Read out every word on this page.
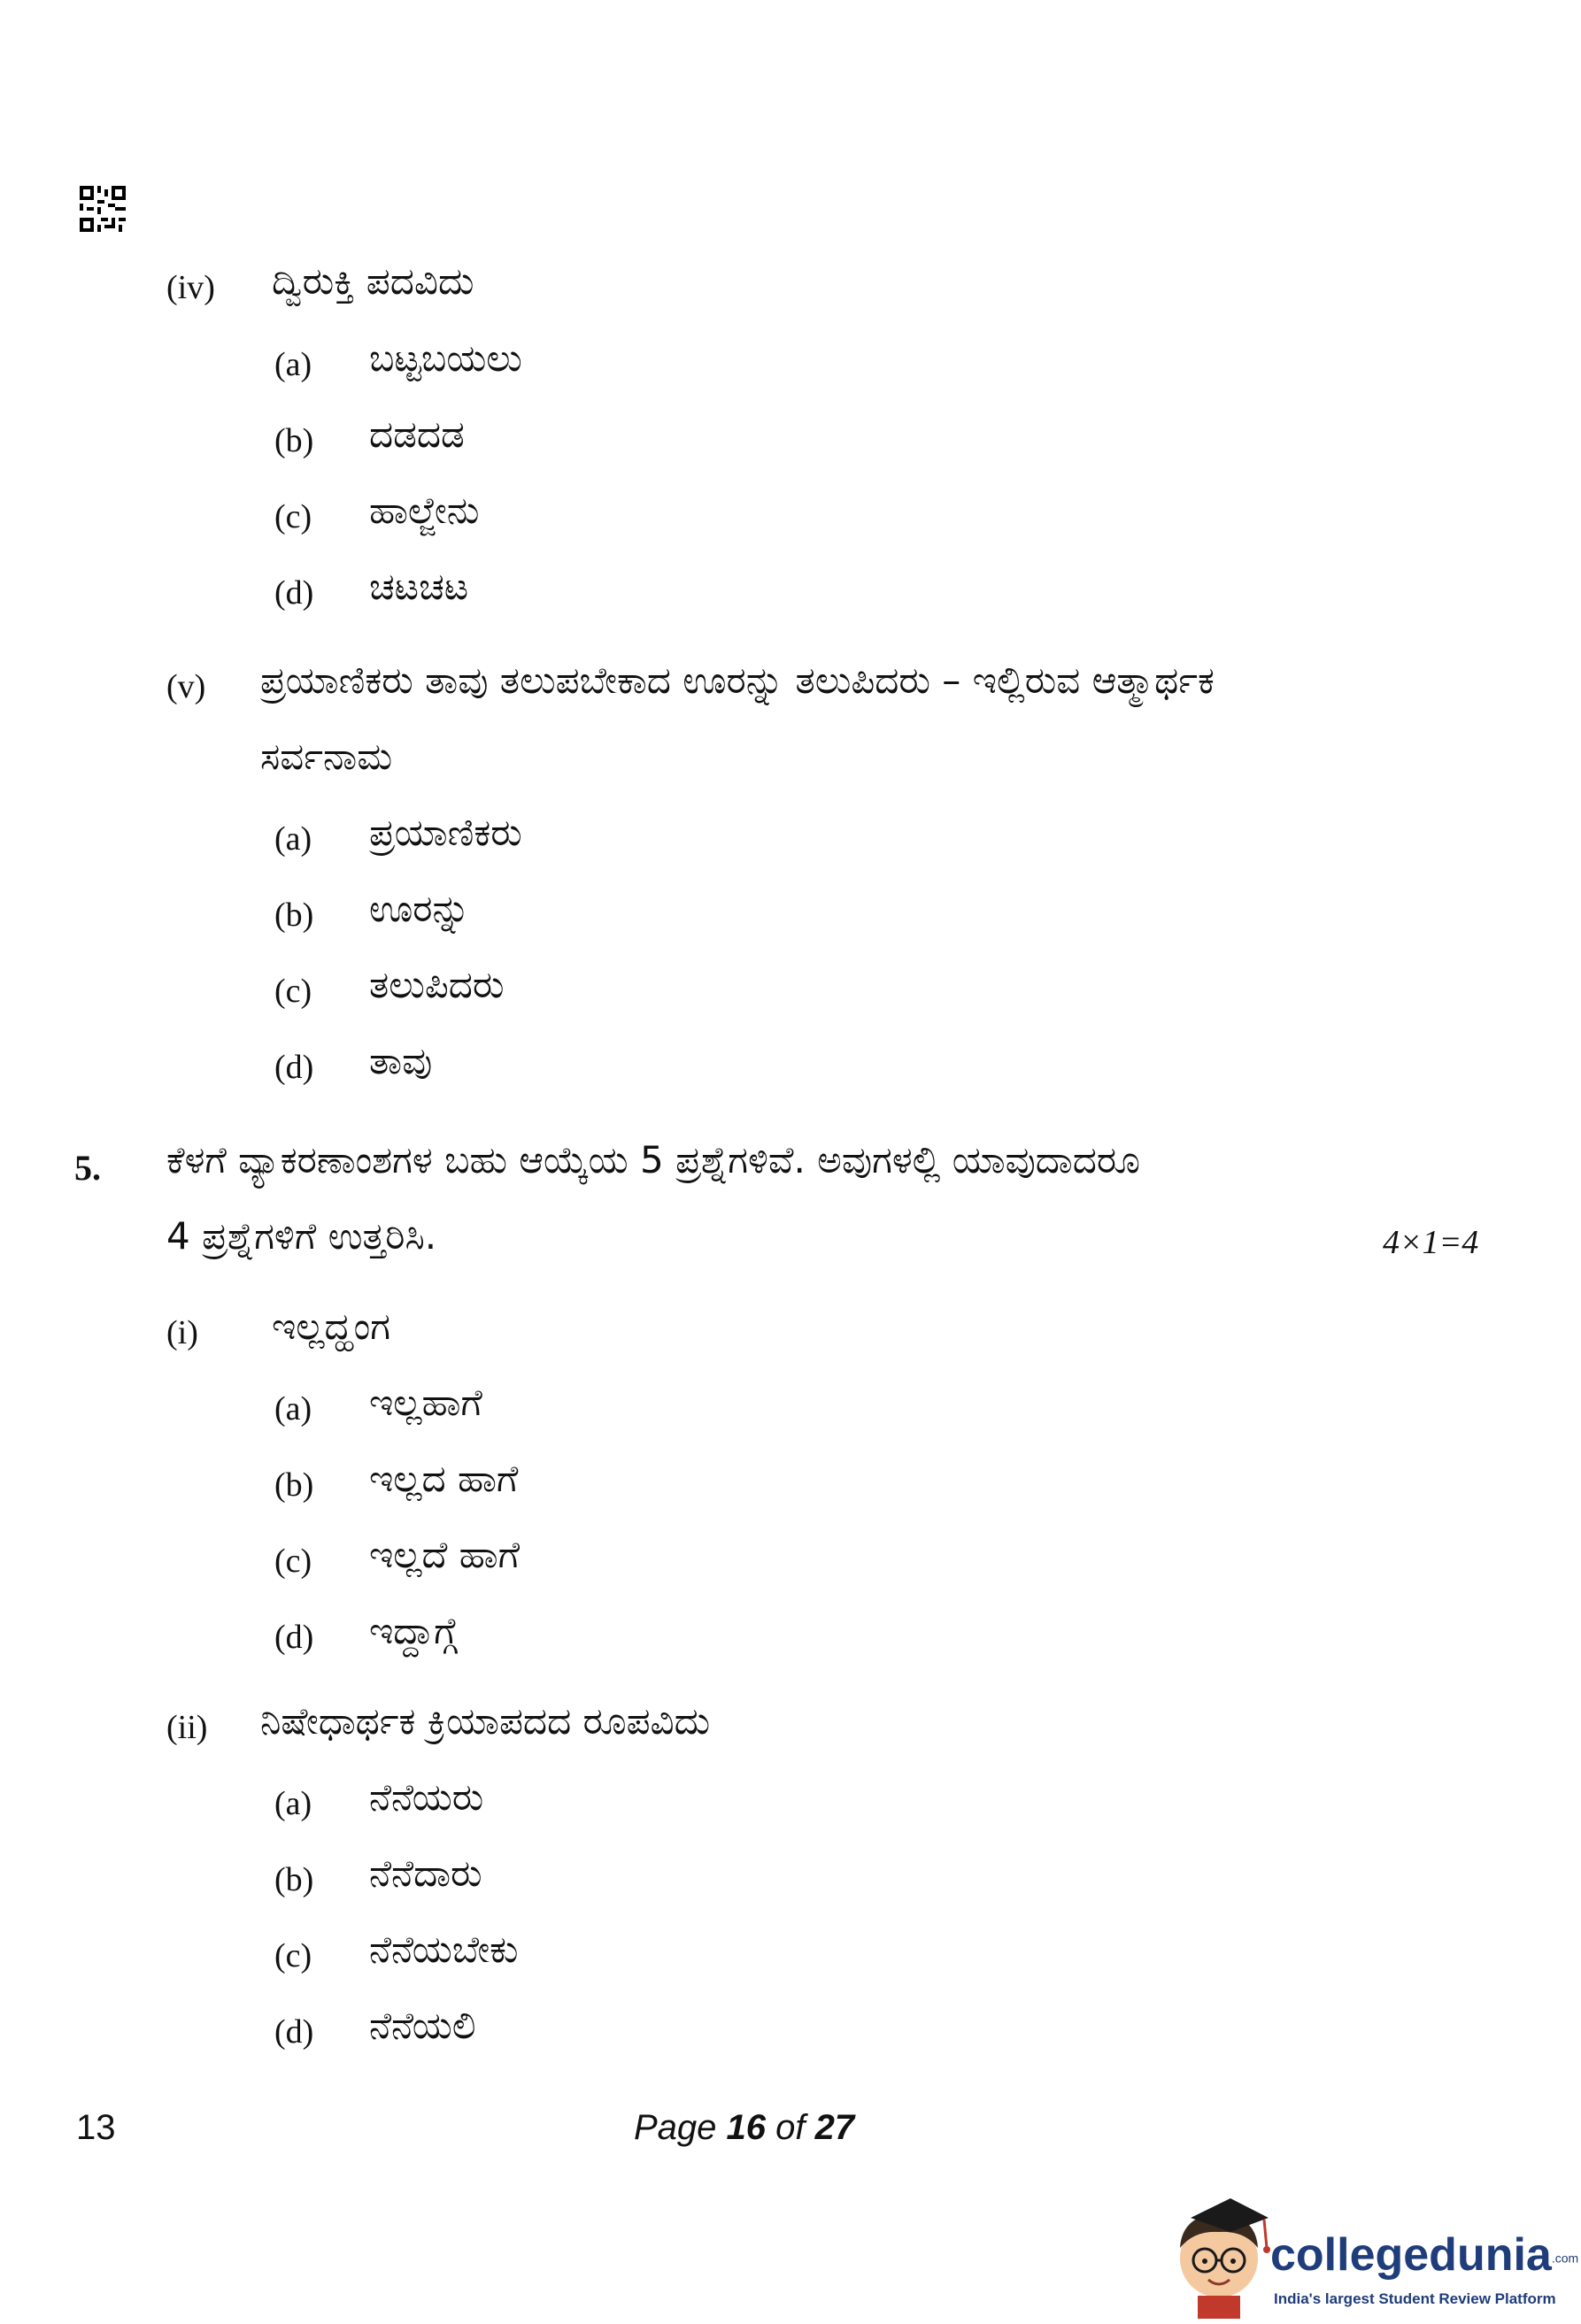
(iv) ದ್ವಿರುಕ್ತಿ ಪದವಿದು
(a) ಬಟ್ಟಬಯಲು
(b) ದಡದಡ
(c) ಹಾಲ್ಜೇನು
(d) ಚಟಚಟ
(v) ಪ್ರಯಾಣಿಕರು ತಾವು ತಲುಪಬೇಕಾದ ಊರನ್ನು ತಲುಪಿದರು – ಇಲ್ಲಿರುವ ಆತ್ಮಾರ್ಥಕ
ಸರ್ವನಾಮ
(a) ಪ್ರಯಾಣಿಕರು
(b) ಊರನ್ನು
(c) ತಲುಪಿದರು
(d) ತಾವು
5. ಕೆಳಗೆ ವ್ಯಾಕರಣಾಂಶಗಳ ಬಹು ಆಯ್ಕೆಯ 5 ಪ್ರಶ್ನೆಗಳಿವೆ. ಅವುಗಳಲ್ಲಿ ಯಾವುದಾದರೂ
4 ಪ್ರಶ್ನೆಗಳಿಗೆ ಉತ್ತರಿಸಿ.	4×1=4
(i) ಇಲ್ಲದ್ಹಂಗ
(a) ಇಲ್ಲಹಾಗೆ
(b) ಇಲ್ಲದ ಹಾಗೆ
(c) ಇಲ್ಲದೆ ಹಾಗೆ
(d) ಇದ್ದಾಗ್ಗೆ
(ii) ನಿಷೇಧಾರ್ಥಕ ಕ್ರಿಯಾಪದದ ರೂಪವಿದು
(a) ನೆನೆಯರು
(b) ನೆನೆದಾರು
(c) ನೆನೆಯಬೇಕು
(d) ನೆನೆಯಲಿ
13	Page 16 of 27
collegedunia.com
India's largest Student Review Platform
